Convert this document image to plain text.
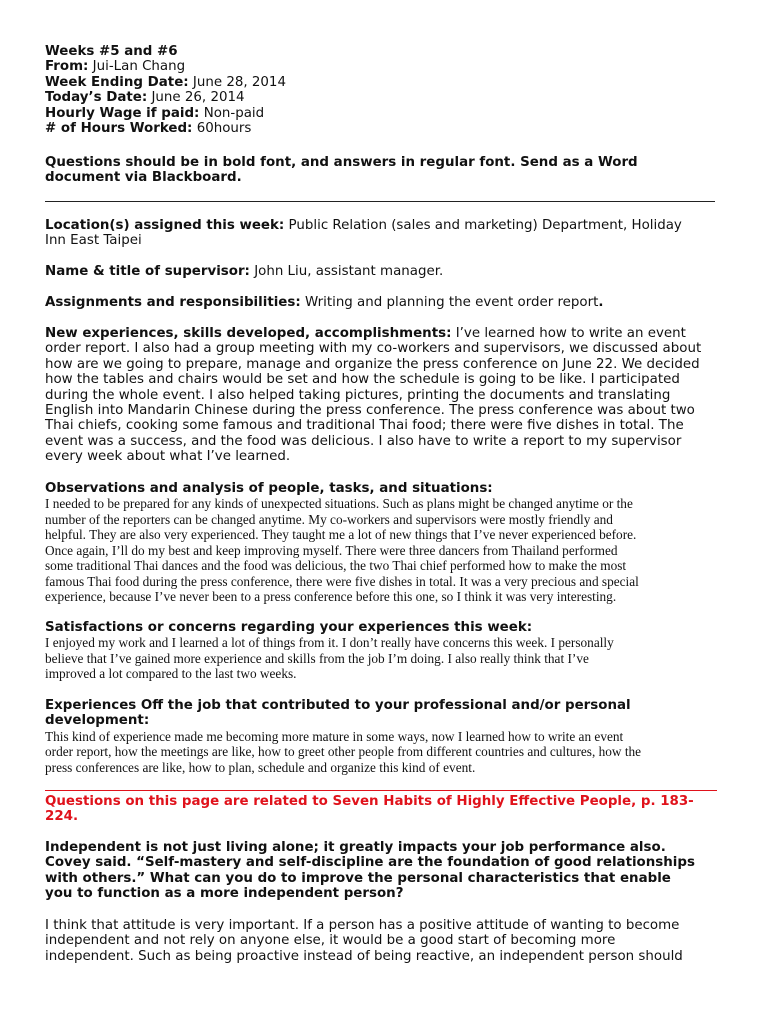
Weeks #5 and #6
From: Jui-Lan Chang
Week Ending Date: June 28, 2014
Today’s Date: June 26, 2014
Hourly Wage if paid: Non-paid
# of Hours Worked: 60hours
Questions should be in bold font, and answers in regular font. Send as a Word
document via Blackboard.
Location(s) assigned this week: Public Relation (sales and marketing) Department, Holiday
Inn East Taipei
Name & title of supervisor: John Liu, assistant manager.
Assignments and responsibilities: Writing and planning the event order report.
New experiences, skills developed, accomplishments: I’ve learned how to write an event
order report. I also had a group meeting with my co-workers and supervisors, we discussed about
how are we going to prepare, manage and organize the press conference on June 22. We decided
how the tables and chairs would be set and how the schedule is going to be like. I participated
during the whole event. I also helped taking pictures, printing the documents and translating
English into Mandarin Chinese during the press conference. The press conference was about two
Thai chiefs, cooking some famous and traditional Thai food; there were five dishes in total. The
event was a success, and the food was delicious. I also have to write a report to my supervisor
every week about what I’ve learned.
Observations and analysis of people, tasks, and situations:
I needed to be prepared for any kinds of unexpected situations. Such as plans might be changed anytime or the
number of the reporters can be changed anytime. My co-workers and supervisors were mostly friendly and
helpful. They are also very experienced. They taught me a lot of new things that I’ve never experienced before.
Once again, I’ll do my best and keep improving myself. There were three dancers from Thailand performed
some traditional Thai dances and the food was delicious, the two Thai chief performed how to make the most
famous Thai food during the press conference, there were five dishes in total. It was a very precious and special
experience, because I’ve never been to a press conference before this one, so I think it was very interesting.
Satisfactions or concerns regarding your experiences this week:
I enjoyed my work and I learned a lot of things from it. I don’t really have concerns this week. I personally
believe that I’ve gained more experience and skills from the job I’m doing. I also really think that I’ve
improved a lot compared to the last two weeks.
Experiences Off the job that contributed to your professional and/or personal
development:
This kind of experience made me becoming more mature in some ways, now I learned how to write an event
order report, how the meetings are like, how to greet other people from different countries and cultures, how the
press conferences are like, how to plan, schedule and organize this kind of event.
Questions on this page are related to Seven Habits of Highly Effective People, p. 183-
224.
Independent is not just living alone; it greatly impacts your job performance also.
Covey said. “Self-mastery and self-discipline are the foundation of good relationships
with others.” What can you do to improve the personal characteristics that enable
you to function as a more independent person?
I think that attitude is very important. If a person has a positive attitude of wanting to become
independent and not rely on anyone else, it would be a good start of becoming more
independent. Such as being proactive instead of being reactive, an independent person should
